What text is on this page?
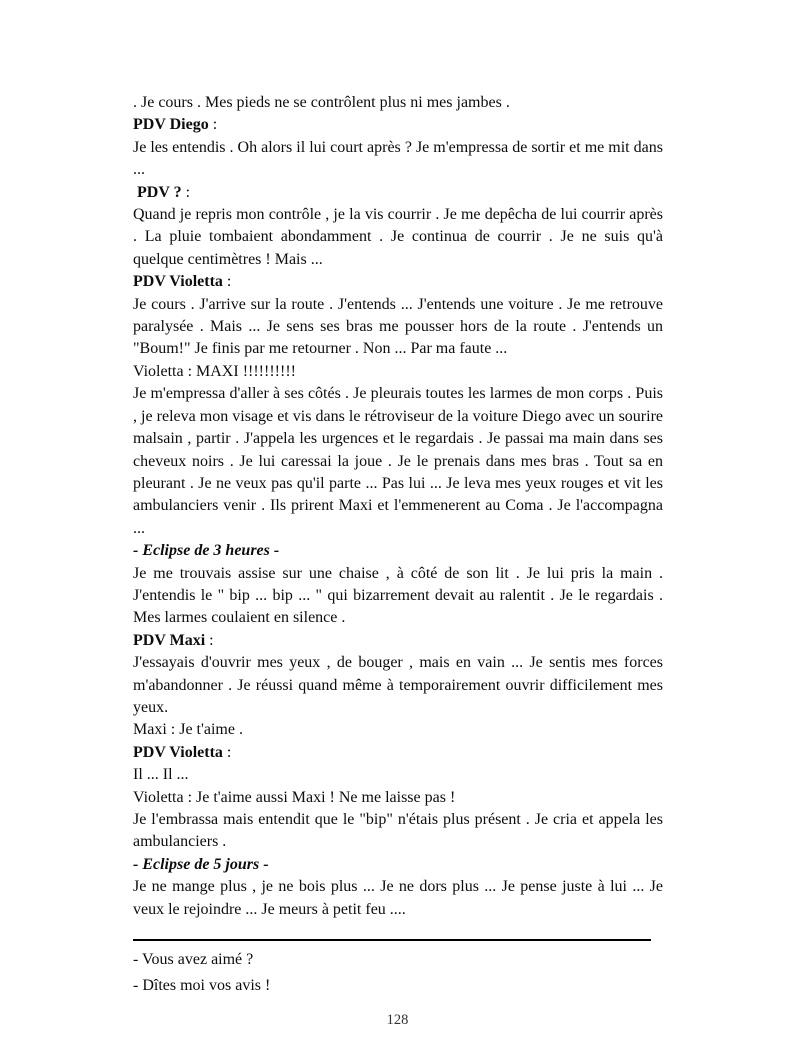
. Je cours . Mes pieds ne se contrôlent plus ni mes jambes .

PDV Diego :

Je les entendis . Oh alors il lui court après ? Je m'empressa de sortir et me mit dans ...

PDV ? :

Quand je repris mon contrôle , je la vis courrir . Je me depêcha de lui courrir après . La pluie tombaient abondamment . Je continua de courrir . Je ne suis qu'à quelque centimètres ! Mais ...

PDV Violetta :

Je cours . J'arrive sur la route . J'entends ... J'entends une voiture . Je me retrouve paralysée . Mais ... Je sens ses bras me pousser hors de la route . J'entends un "Boum!" Je finis par me retourner . Non ... Par ma faute ...

Violetta : MAXI !!!!!!!!!!

Je m'empressa d'aller à ses côtés . Je pleurais toutes les larmes de mon corps . Puis , je releva mon visage et vis dans le rétroviseur de la voiture Diego avec un sourire malsain , partir . J'appela les urgences et le regardais . Je passai ma main dans ses cheveux noirs . Je lui caressai la joue . Je le prenais dans mes bras . Tout sa en pleurant . Je ne veux pas qu'il parte ... Pas lui ... Je leva mes yeux rouges et vit les ambulanciers venir . Ils prirent Maxi et l'emmenerent au Coma . Je l'accompagna ...

- Eclipse de 3 heures -

Je me trouvais assise sur une chaise , à côté de son lit . Je lui pris la main . J'entendis le " bip ... bip ... " qui bizarrement devait au ralentit . Je le regardais . Mes larmes coulaient en silence .

PDV Maxi :

J'essayais d'ouvrir mes yeux , de bouger , mais en vain ... Je sentis mes forces m'abandonner . Je réussi quand même à temporairement ouvrir difficilement mes yeux.

Maxi : Je t'aime .

PDV Violetta :

Il ... Il ...

Violetta : Je t'aime aussi Maxi ! Ne me laisse pas !

Je l'embrassa mais entendit que le "bip" n'étais plus présent . Je cria et appela les ambulanciers .

- Eclipse de 5 jours -

Je ne mange plus , je ne bois plus ... Je ne dors plus ... Je pense juste à lui ... Je veux le rejoindre ... Je meurs à petit feu ....

- Vous avez aimé ?

- Dîtes moi vos avis !

128
